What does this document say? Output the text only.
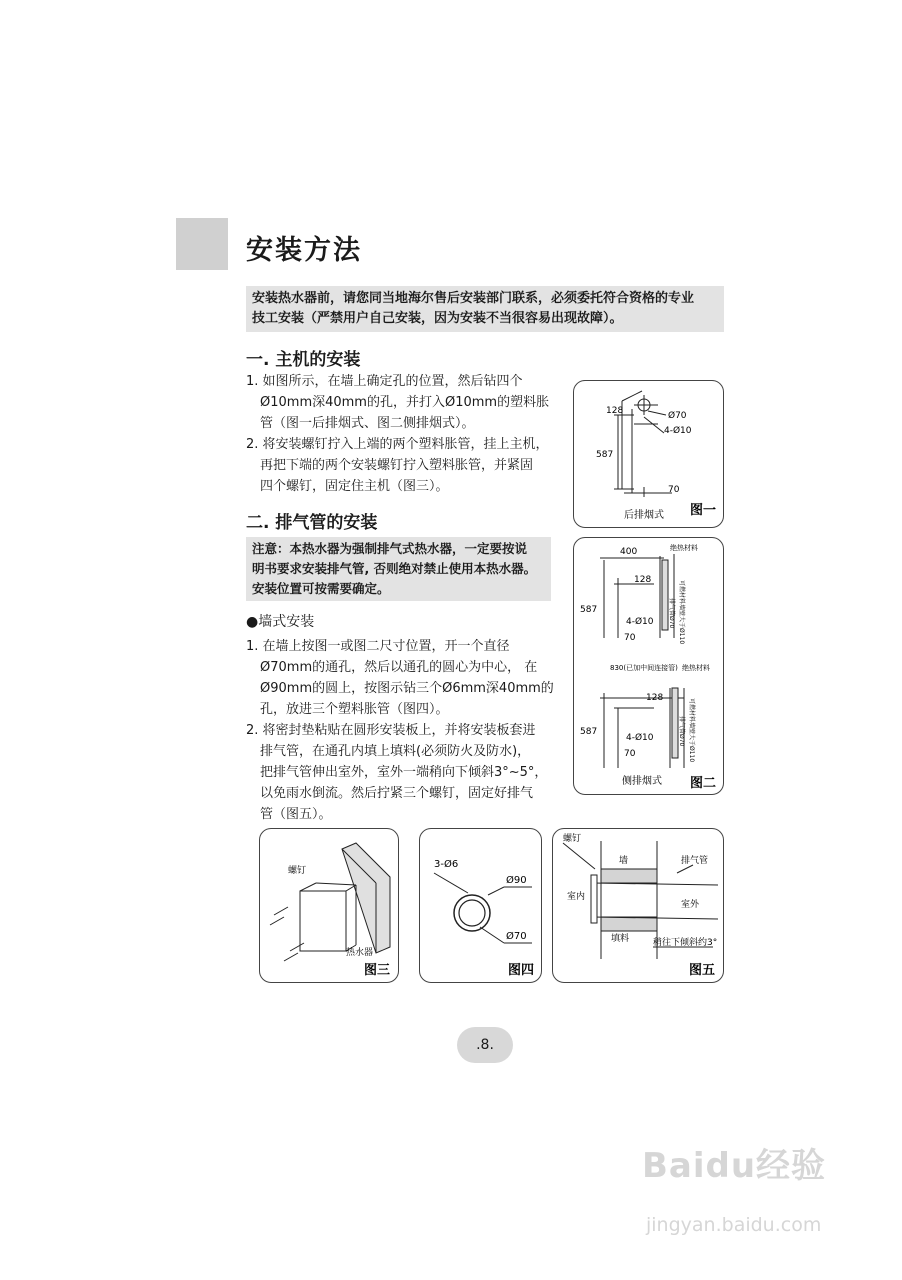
安装方法
安装热水器前，请您同当地海尔售后安装部门联系，必须委托符合资格的专业
技工安装（严禁用户自己安装，因为安装不当很容易出现故障）。
一. 主机的安装
1. 如图所示，在墙上确定孔的位置，然后钻四个
Ø10mm深40mm的孔，并打入Ø10mm的塑料胀
管（图一后排烟式、图二侧排烟式）。
2. 将安装螺钉拧入上端的两个塑料胀管，挂上主机，
再把下端的两个安装螺钉拧入塑料胀管，并紧固
四个螺钉，固定住主机（图三）。
二. 排气管的安装
注意：本热水器为强制排气式热水器，一定要按说
明书要求安装排气管, 否则绝对禁止使用本热水器。
安装位置可按需要确定。
●墙式安装
1. 在墙上按图一或图二尺寸位置，开一个直径
Ø70mm的通孔，然后以通孔的圆心为中心， 在
Ø90mm的圆上，按图示钻三个Ø6mm深40mm的
孔，放进三个塑料胀管（图四）。
2. 将密封垫粘贴在圆形安装板上，并将安装板套进
排气管，在通孔内填上填料(必须防火及防水)，
把排气管伸出室外，室外一端稍向下倾斜3°~5°，
以免雨水倒流。然后拧紧三个螺钉，固定好排气
管（图五）。
128
587
Ø70
4-Ø10
70
后排烟式 图一
400	绝热材料
128
587
4-Ø10
70
排气管Ø70 可燃材料墙壁大于Ø110
830(已加中间连接管) 绝热材料
128
587
4-Ø10
70
排气管Ø70 可燃材料墙壁大于Ø110
侧排烟式 图二
螺钉
热水器
图三
3-Ø6
Ø90
Ø70
图四
螺钉
墙	排气管
室内
室外
填料	稍往下倾斜约3°
图五
.8.
Baidu经验
jingyan.baidu.com
